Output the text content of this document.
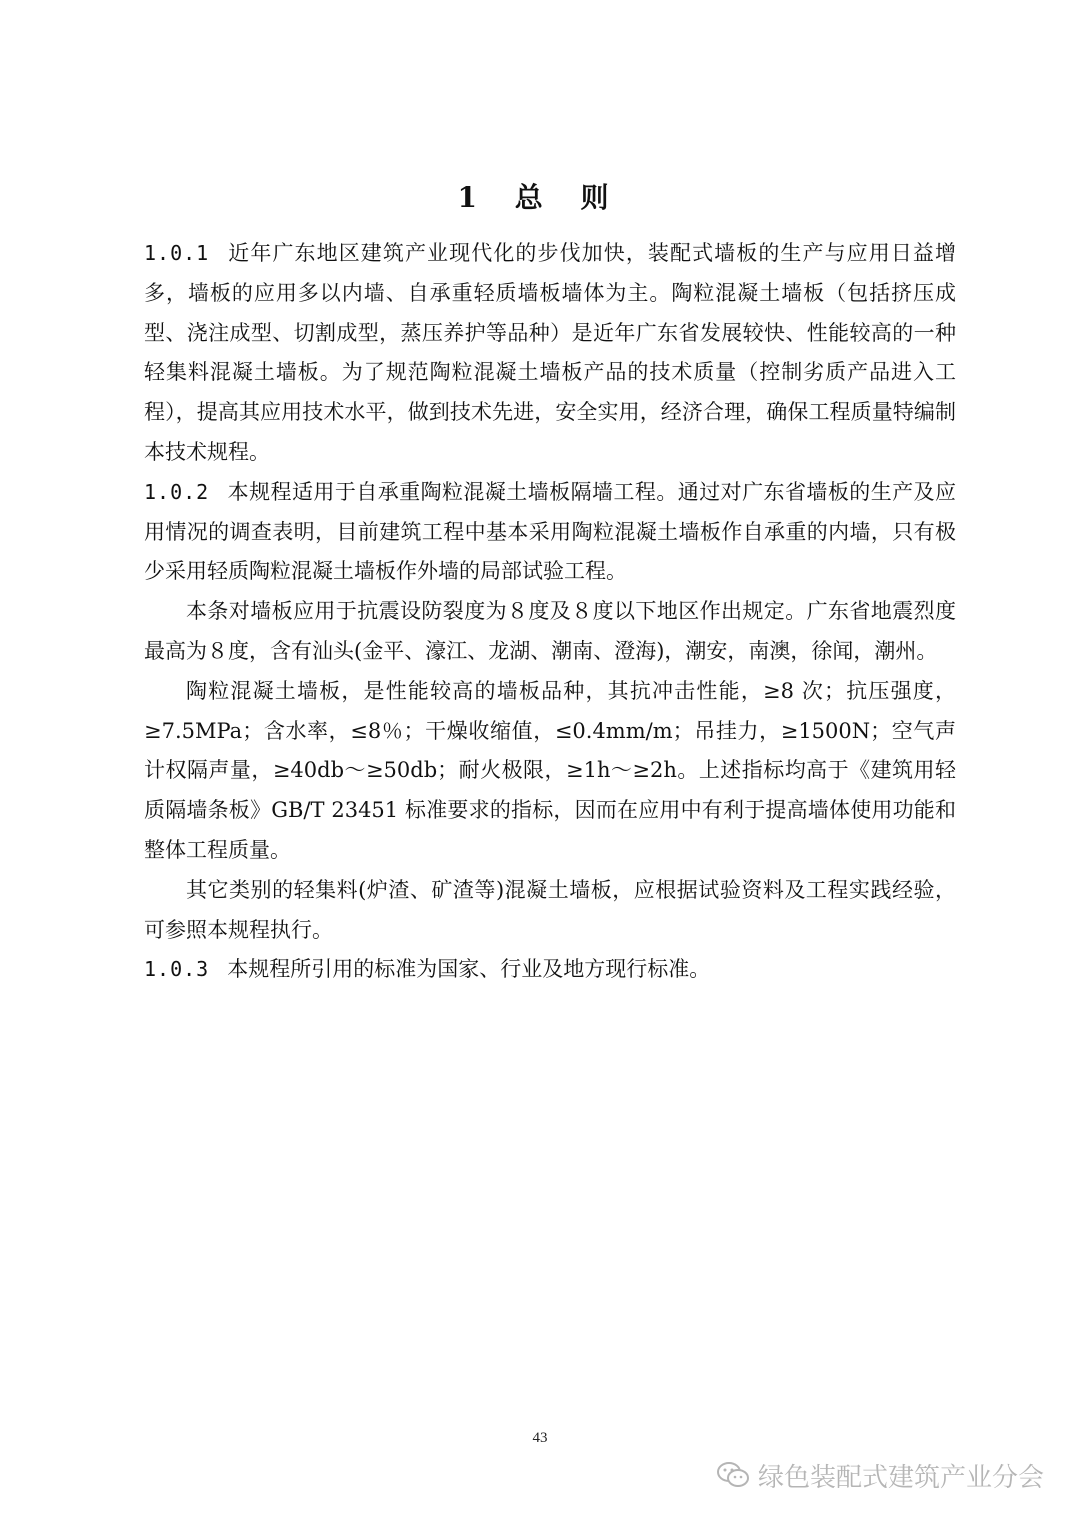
1 总 则

1.0.1 近年广东地区建筑产业现代化的步伐加快，装配式墙板的生产与应用日益增多，墙板的应用多以内墙、自承重轻质墙板墙体为主。陶粒混凝土墙板（包括挤压成型、浇注成型、切割成型，蒸压养护等品种）是近年广东省发展较快、性能较高的一种轻集料混凝土墙板。为了规范陶粒混凝土墙板产品的技术质量（控制劣质产品进入工程），提高其应用技术水平，做到技术先进，安全实用，经济合理，确保工程质量特编制本技术规程。

1.0.2 本规程适用于自承重陶粒混凝土墙板隔墙工程。通过对广东省墙板的生产及应用情况的调查表明，目前建筑工程中基本采用陶粒混凝土墙板作自承重的内墙，只有极少采用轻质陶粒混凝土墙板作外墙的局部试验工程。

本条对墙板应用于抗震设防裂度为８度及８度以下地区作出规定。广东省地震烈度最高为８度，含有汕头(金平、濠江、龙湖、潮南、澄海)，潮安，南澳，徐闻，潮州。

陶粒混凝土墙板，是性能较高的墙板品种，其抗冲击性能，≥8 次；抗压强度，≥7.5MPa；含水率，≤8％；干燥收缩值，≤0.4mm/m；吊挂力，≥1500N；空气声计权隔声量，≥40db～≥50db；耐火极限，≥1h～≥2h。上述指标均高于《建筑用轻质隔墙条板》GB/T 23451 标准要求的指标，因而在应用中有利于提高墙体使用功能和整体工程质量。

其它类别的轻集料(炉渣、矿渣等)混凝土墙板，应根据试验资料及工程实践经验，可参照本规程执行。

1.0.3 本规程所引用的标准为国家、行业及地方现行标准。

43
绿色装配式建筑产业分会
